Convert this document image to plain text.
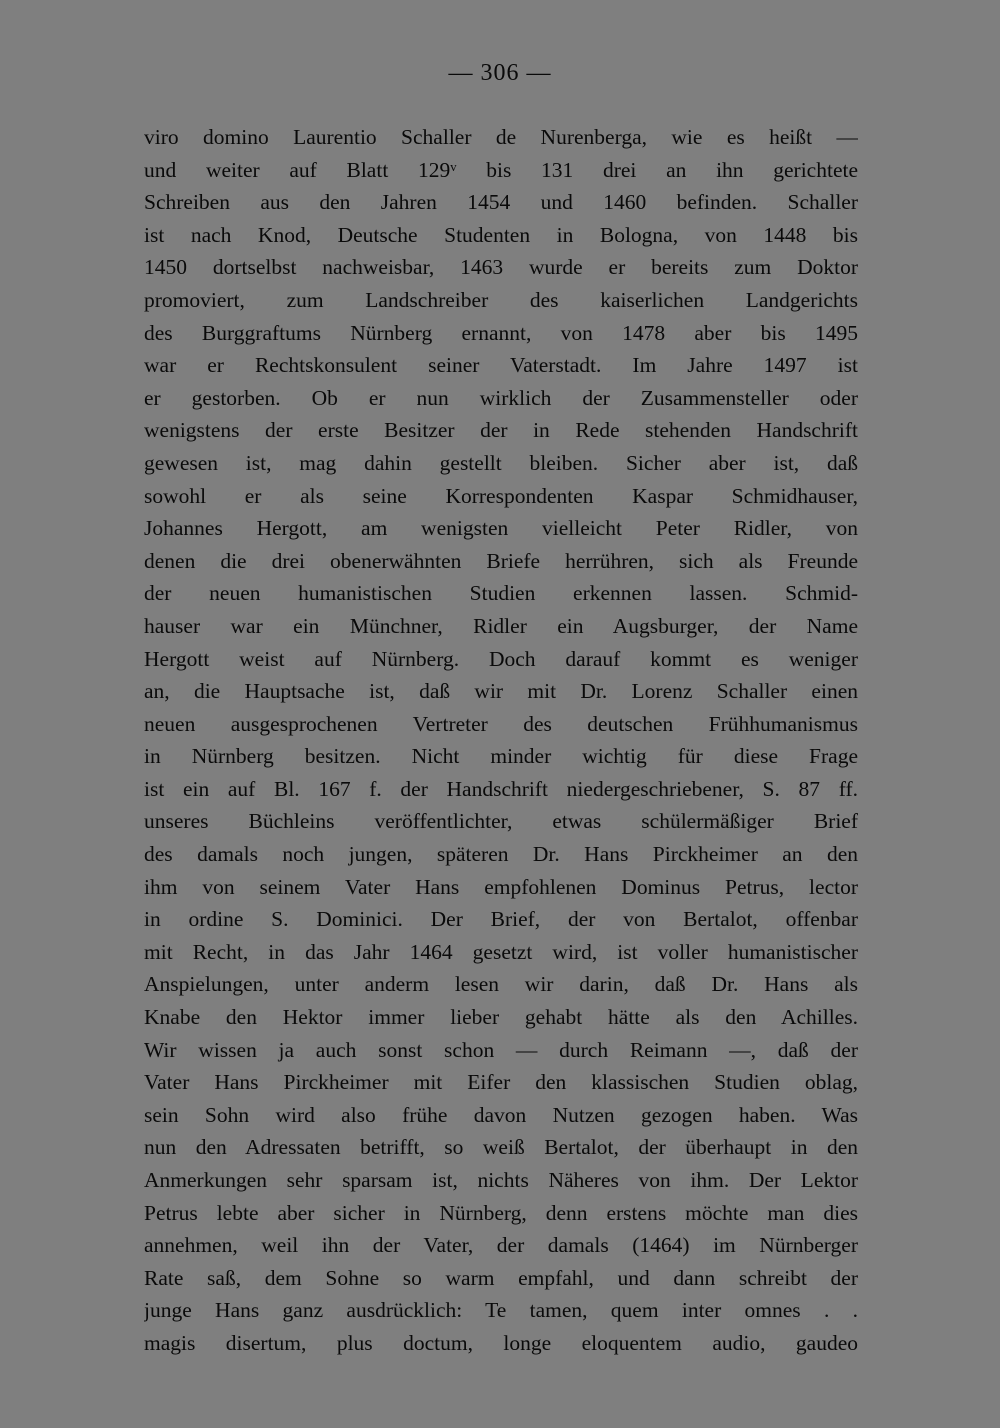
— 306 —
viro domino Laurentio Schaller de Nurenberga, wie es heißt —
und weiter auf Blatt 129ᵛ bis 131 drei an ihn gerichtete
Schreiben aus den Jahren 1454 und 1460 befinden. Schaller
ist nach Knod, Deutsche Studenten in Bologna, von 1448 bis
1450 dortselbst nachweisbar, 1463 wurde er bereits zum Doktor
promoviert, zum Landschreiber des kaiserlichen Landgerichts
des Burggraftums Nürnberg ernannt, von 1478 aber bis 1495
war er Rechtskonsulent seiner Vaterstadt. Im Jahre 1497 ist
er gestorben. Ob er nun wirklich der Zusammensteller oder
wenigstens der erste Besitzer der in Rede stehenden Handschrift
gewesen ist, mag dahin gestellt bleiben. Sicher aber ist, daß
sowohl er als seine Korrespondenten Kaspar Schmidhauser,
Johannes Hergott, am wenigsten vielleicht Peter Ridler, von
denen die drei obenerwähnten Briefe herrühren, sich als Freunde
der neuen humanistischen Studien erkennen lassen. Schmid-
hauser war ein Münchner, Ridler ein Augsburger, der Name
Hergott weist auf Nürnberg. Doch darauf kommt es weniger
an, die Hauptsache ist, daß wir mit Dr. Lorenz Schaller einen
neuen ausgesprochenen Vertreter des deutschen Frühhumanismus
in Nürnberg besitzen. Nicht minder wichtig für diese Frage
ist ein auf Bl. 167 f. der Handschrift niedergeschriebener, S. 87 ff.
unseres Büchleins veröffentlichter, etwas schülermäßiger Brief
des damals noch jungen, späteren Dr. Hans Pirckheimer an den
ihm von seinem Vater Hans empfohlenen Dominus Petrus, lector
in ordine S. Dominici. Der Brief, der von Bertalot, offenbar
mit Recht, in das Jahr 1464 gesetzt wird, ist voller humanistischer
Anspielungen, unter anderm lesen wir darin, daß Dr. Hans als
Knabe den Hektor immer lieber gehabt hätte als den Achilles.
Wir wissen ja auch sonst schon — durch Reimann —, daß der
Vater Hans Pirckheimer mit Eifer den klassischen Studien oblag,
sein Sohn wird also frühe davon Nutzen gezogen haben. Was
nun den Adressaten betrifft, so weiß Bertalot, der überhaupt in den
Anmerkungen sehr sparsam ist, nichts Näheres von ihm. Der Lektor
Petrus lebte aber sicher in Nürnberg, denn erstens möchte man dies
annehmen, weil ihn der Vater, der damals (1464) im Nürnberger
Rate saß, dem Sohne so warm empfahl, und dann schreibt der
junge Hans ganz ausdrücklich: Te tamen, quem inter omnes . .
magis disertum, plus doctum, longe eloquentem audio, gaudeo
